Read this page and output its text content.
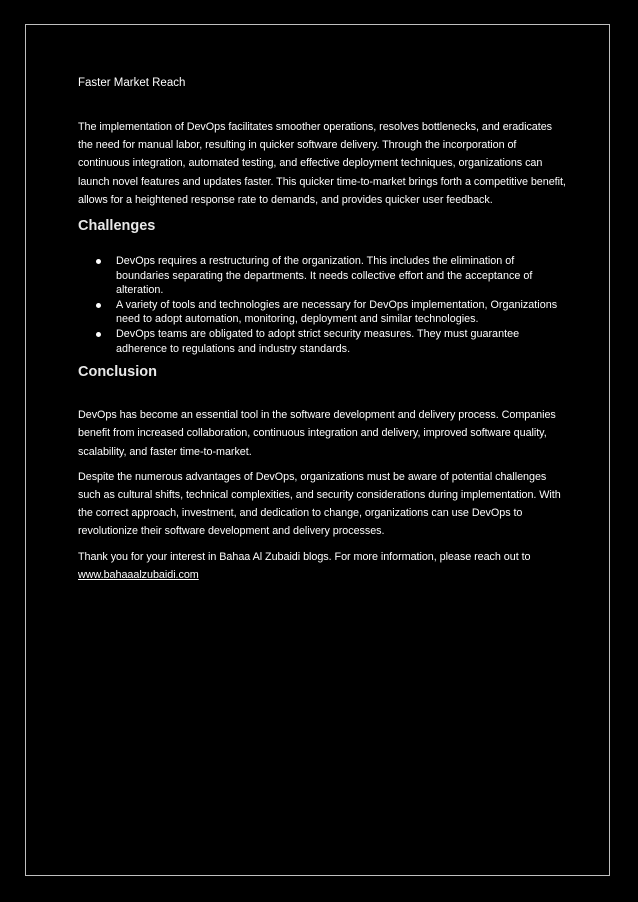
Faster Market Reach

The implementation of DevOps facilitates smoother operations, resolves bottlenecks, and eradicates the need for manual labor, resulting in quicker software delivery. Through the incorporation of continuous integration, automated testing, and effective deployment techniques, organizations can launch novel features and updates faster. This quicker time-to-market brings forth a competitive benefit, allows for a heightened response rate to demands, and provides quicker user feedback.

Challenges
DevOps requires a restructuring of the organization. This includes the elimination of boundaries separating the departments. It needs collective effort and the acceptance of alteration.
A variety of tools and technologies are necessary for DevOps implementation, Organizations need to adopt automation, monitoring, deployment and similar technologies.
DevOps teams are obligated to adopt strict security measures. They must guarantee adherence to regulations and industry standards.
Conclusion

DevOps has become an essential tool in the software development and delivery process. Companies benefit from increased collaboration, continuous integration and delivery, improved software quality, scalability, and faster time-to-market.

Despite the numerous advantages of DevOps, organizations must be aware of potential challenges such as cultural shifts, technical complexities, and security considerations during implementation. With the correct approach, investment, and dedication to change, organizations can use DevOps to revolutionize their software development and delivery processes.

Thank you for your interest in Bahaa Al Zubaidi blogs. For more information, please reach out to www.bahaaalzubaidi.com
